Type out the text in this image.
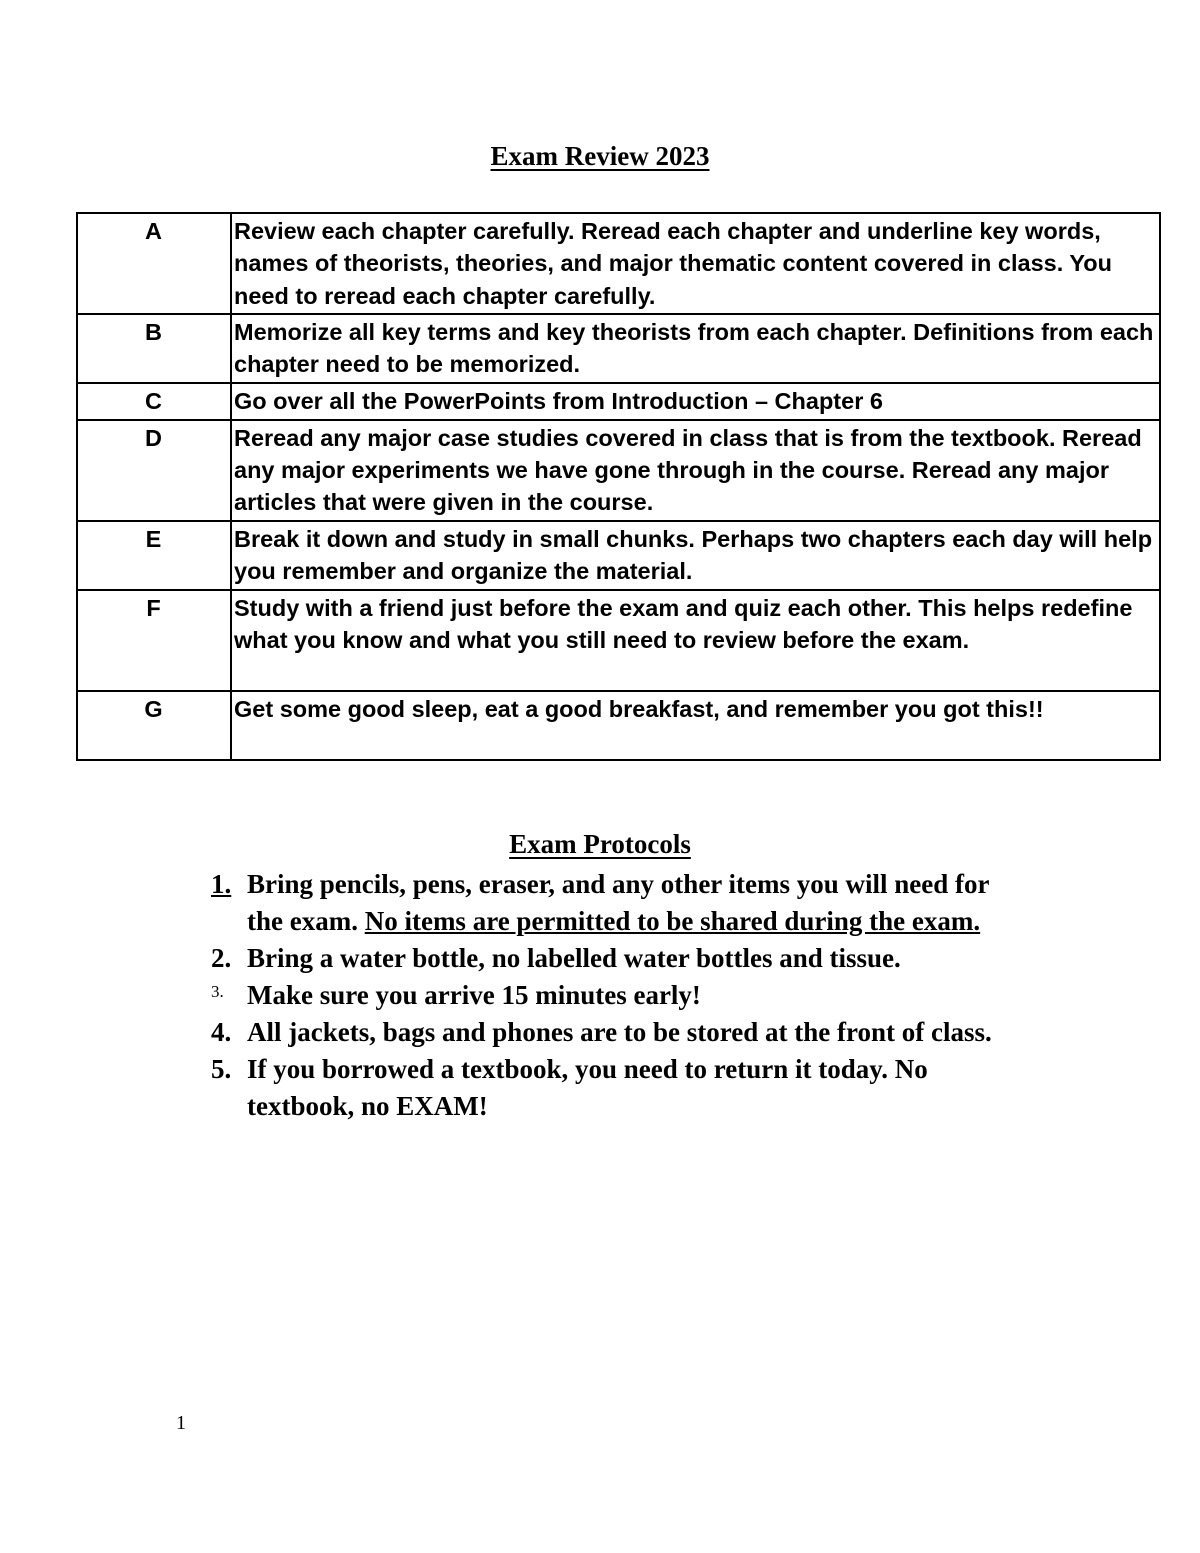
Exam Review 2023
A	Review each chapter carefully. Reread each chapter and underline key words, names of theorists, theories, and major thematic content covered in class. You need to reread each chapter carefully.
B	Memorize all key terms and key theorists from each chapter. Definitions from each chapter need to be memorized.
C	Go over all the PowerPoints from Introduction – Chapter 6
D	Reread any major case studies covered in class that is from the textbook. Reread any major experiments we have gone through in the course. Reread any major articles that were given in the course.
E	Break it down and study in small chunks. Perhaps two chapters each day will help you remember and organize the material.
F	Study with a friend just before the exam and quiz each other. This helps redefine what you know and what you still need to review before the exam.
G	Get some good sleep, eat a good breakfast, and remember you got this!!
Exam Protocols
1. Bring pencils, pens, eraser, and any other items you will need for the exam. No items are permitted to be shared during the exam.
2. Bring a water bottle, no labelled water bottles and tissue.
3. Make sure you arrive 15 minutes early!
4. All jackets, bags and phones are to be stored at the front of class.
5. If you borrowed a textbook, you need to return it today. No textbook, no EXAM!
1
